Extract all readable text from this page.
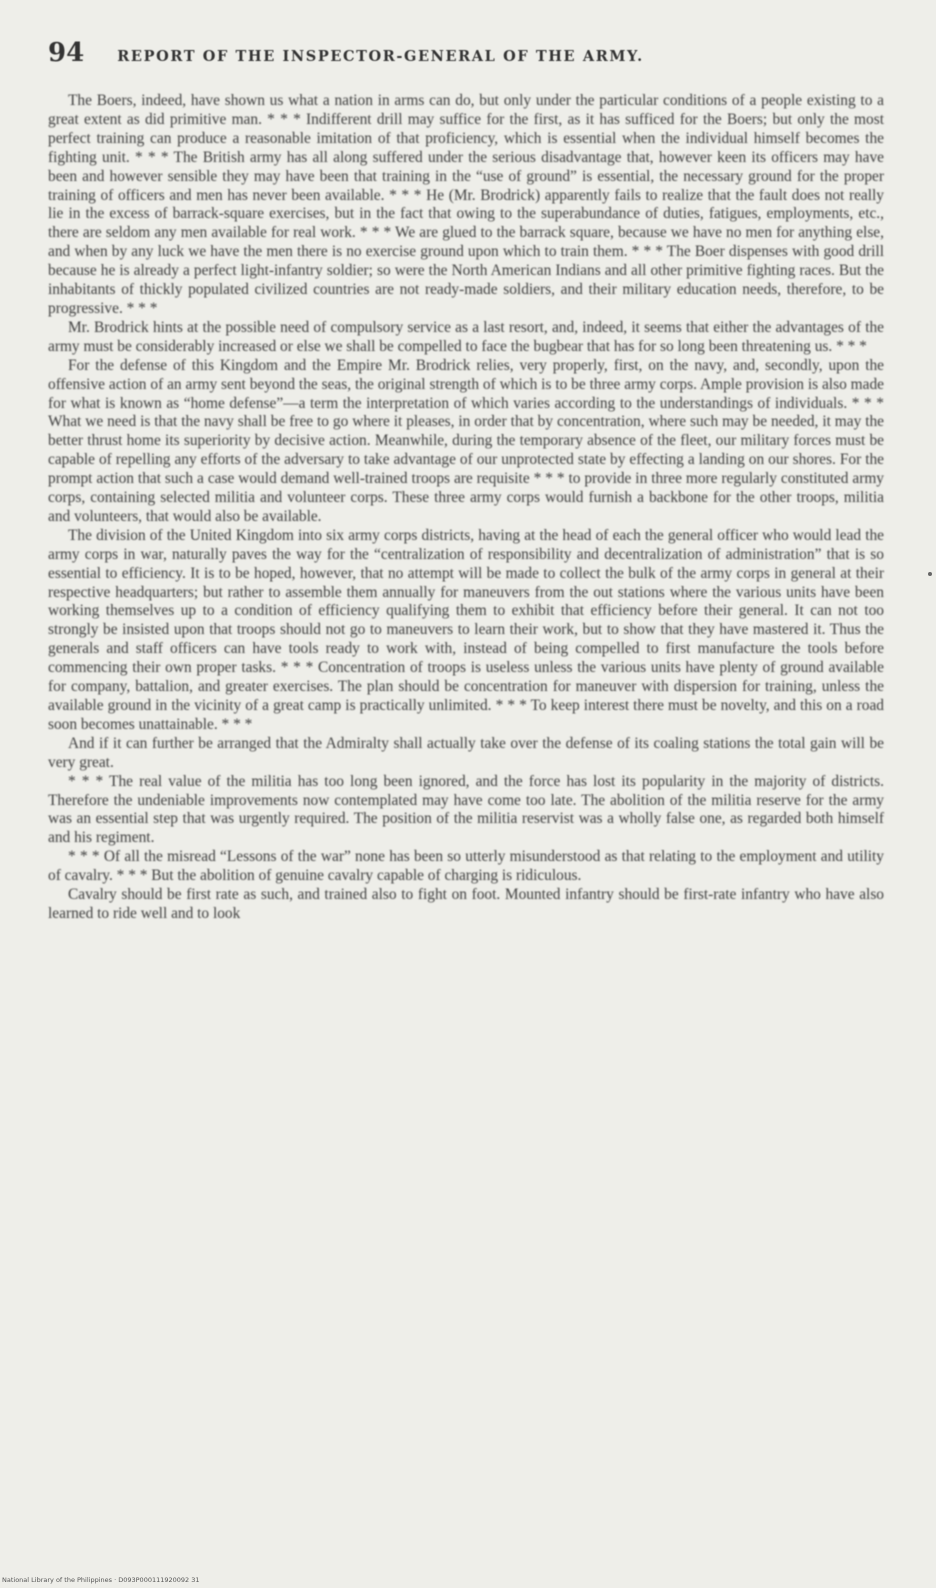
94 REPORT OF THE INSPECTOR-GENERAL OF THE ARMY.

The Boers, indeed, have shown us what a nation in arms can do, but only under the particular conditions of a people existing to a great extent as did primitive man. * * * Indifferent drill may suffice for the first, as it has sufficed for the Boers; but only the most perfect training can produce a reasonable imitation of that proficiency, which is essential when the individual himself becomes the fighting unit. * * * The British army has all along suffered under the serious disadvantage that, however keen its officers may have been and however sensible they may have been that training in the “use of ground” is essential, the necessary ground for the proper training of officers and men has never been available. * * * He (Mr. Brodrick) apparently fails to realize that the fault does not really lie in the excess of barrack-square exercises, but in the fact that owing to the superabundance of duties, fatigues, employments, etc., there are seldom any men available for real work. * * * We are glued to the barrack square, because we have no men for anything else, and when by any luck we have the men there is no exercise ground upon which to train them. * * * The Boer dispenses with good drill because he is already a perfect light-infantry soldier; so were the North American Indians and all other primitive fighting races. But the inhabitants of thickly populated civilized countries are not ready-made soldiers, and their military education needs, therefore, to be progressive. * * *

Mr. Brodrick hints at the possible need of compulsory service as a last resort, and, indeed, it seems that either the advantages of the army must be considerably increased or else we shall be compelled to face the bugbear that has for so long been threatening us. * * *

For the defense of this Kingdom and the Empire Mr. Brodrick relies, very properly, first, on the navy, and, secondly, upon the offensive action of an army sent beyond the seas, the original strength of which is to be three army corps. Ample provision is also made for what is known as “home defense”—a term the interpretation of which varies according to the understandings of individuals. * * * What we need is that the navy shall be free to go where it pleases, in order that by concentration, where such may be needed, it may the better thrust home its superiority by decisive action. Meanwhile, during the temporary absence of the fleet, our military forces must be capable of repelling any efforts of the adversary to take advantage of our unprotected state by effecting a landing on our shores. For the prompt action that such a case would demand well-trained troops are requisite * * * to provide in three more regularly constituted army corps, containing selected militia and volunteer corps. These three army corps would furnish a backbone for the other troops, militia and volunteers, that would also be available.

The division of the United Kingdom into six army corps districts, having at the head of each the general officer who would lead the army corps in war, naturally paves the way for the “centralization of responsibility and decentralization of administration” that is so essential to efficiency. It is to be hoped, however, that no attempt will be made to collect the bulk of the army corps in general at their respective headquarters; but rather to assemble them annually for maneuvers from the out stations where the various units have been working themselves up to a condition of efficiency qualifying them to exhibit that efficiency before their general. It can not too strongly be insisted upon that troops should not go to maneuvers to learn their work, but to show that they have mastered it. Thus the generals and staff officers can have tools ready to work with, instead of being compelled to first manufacture the tools before commencing their own proper tasks. * * * Concentration of troops is useless unless the various units have plenty of ground available for company, battalion, and greater exercises. The plan should be concentration for maneuver with dispersion for training, unless the available ground in the vicinity of a great camp is practically unlimited. * * * To keep interest there must be novelty, and this on a road soon becomes unattainable. * * *

And if it can further be arranged that the Admiralty shall actually take over the defense of its coaling stations the total gain will be very great.

* * * The real value of the militia has too long been ignored, and the force has lost its popularity in the majority of districts. Therefore the undeniable improvements now contemplated may have come too late. The abolition of the militia reserve for the army was an essential step that was urgently required. The position of the militia reservist was a wholly false one, as regarded both himself and his regiment.

* * * Of all the misread “Lessons of the war” none has been so utterly misunderstood as that relating to the employment and utility of cavalry. * * * But the abolition of genuine cavalry capable of charging is ridiculous.

Cavalry should be first rate as such, and trained also to fight on foot. Mounted infantry should be first-rate infantry who have also learned to ride well and to look

National Library of the Philippines · D093P000111920092 31
